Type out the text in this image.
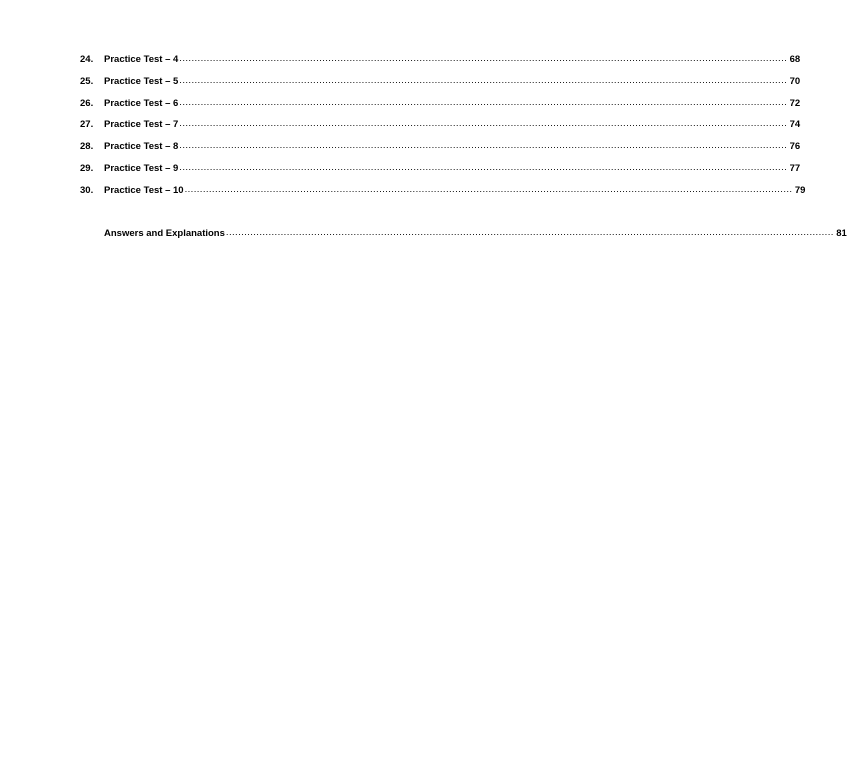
24.	Practice Test – 4 ........................................................................................................................................................................................................ 68
25.	Practice Test – 5 ........................................................................................................................................................................................................ 70
26.	Practice Test – 6 ........................................................................................................................................................................................................ 72
27.	Practice Test – 7 ........................................................................................................................................................................................................ 74
28.	Practice Test – 8 ........................................................................................................................................................................................................ 76
29.	Practice Test – 9 ........................................................................................................................................................................................................ 77
30.	Practice Test – 10 ........................................................................................................................................................................................................ 79
Answers and Explanations ........................................................................................................................................................................................................ 81
